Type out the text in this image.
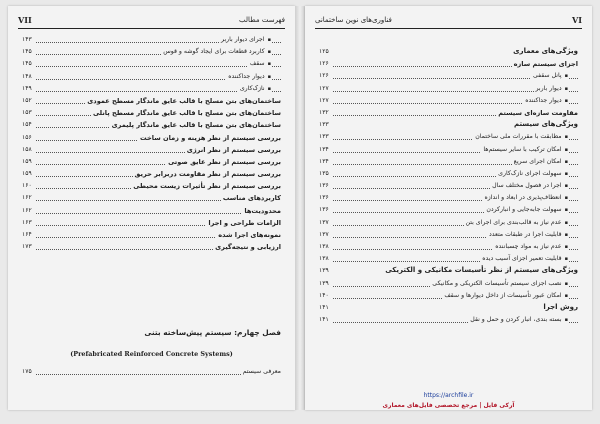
VII	فهرست مطالب
▪ اجرای دیوار باربر
۱۴۳
▪ کاربرد قطعات برای ایجاد گوشه و قوس
۱۴۵
▪ سقف
۱۴۵
▪ دیوار جداکننده
۱۴۸
▪ نازک‌کاری
۱۴۹
ساختمان‌های بتن مسلح با قالب عایق ماندگار مسطح عمودی
۱۵۲
ساختمان‌های بتن مسلح با قالب عایق ماندگار مسطح پانلی
۱۵۳
ساختمان‌های بتن مسلح با قالب عایق ماندگار پلیمری
۱۵۴
بررسی سیستم از نظر هزینه و زمان ساخت
۱۵۶
بررسی سیستم از نظر انرژی
۱۵۸
بررسی سیستم از نظر عایق صوتی
۱۵۹
بررسی سیستم از نظر مقاومت دربرابر حریق
۱۵۹
بررسی سیستم از نظر تأثیرات زیست محیطی
۱۶۰
کاربردهای مناسب
۱۶۲
محدودیت‌ها
۱۶۲
الزامات طراحی و اجرا
۱۶۳
نمونه‌های اجرا شده
۱۶۴
ارزیابی و نتیجه‌گیری
۱۷۳
فصل چهارم: سیستم پیش‌ساخته بتنی
(Prefabricated Reinforced Concrete Systems)
معرفی سیستم
۱۷۵
VI
فناوری‌های نوین ساختمانی
ویژگی‌های معماری
۱۲۵
اجزای سیستم سازه
۱۲۶
▪ پانل سقفی
۱۲۶
▪ دیوار باربر
۱۲۷
▪ دیوار جداکننده
۱۲۷
مقاومت سازه‌ای سیستم
۱۳۲
ویژگی‌های سیستم
۱۳۳
▪ مطابقت با مقررات ملی ساختمان
۱۳۳
▪ امکان ترکیب با سایر سیستم‌ها
۱۳۴
▪ امکان اجرای سریع
۱۳۴
▪ سهولت اجرای نازک‌کاری
۱۳۵
▪ اجرا در فصول مختلف سال
۱۳۶
▪ انعطاف‌پذیری در ابعاد و اندازه
۱۳۶
▪ سهولت جابه‌جایی و انبارکردن
۱۳۶
▪ عدم نیاز به قالب‌بندی برای اجرای بتن
۱۳۷
▪ قابلیت اجرا در طبقات متعدد
۱۳۷
▪ عدم نیاز به مواد چسباننده
۱۳۸
▪ قابلیت تعمیر اجزای آسیب دیده
۱۳۸
ویژگی‌های سیستم از نظر تأسیسات مکانیکی و الکتریکی
۱۳۹
▪ نصب اجزای سیستم تأسیسات الکتریکی و مکانیکی
۱۳۹
▪ امکان عبور تأسیسات از داخل دیوارها و سقف
۱۴۰
روش اجرا
۱۴۱
▪ بسته بندی، انبار کردن و حمل و نقل
۱۴۱
https://archfile.ir
آرکی فایل | مرجع تخصصی فایل‌های معماری
